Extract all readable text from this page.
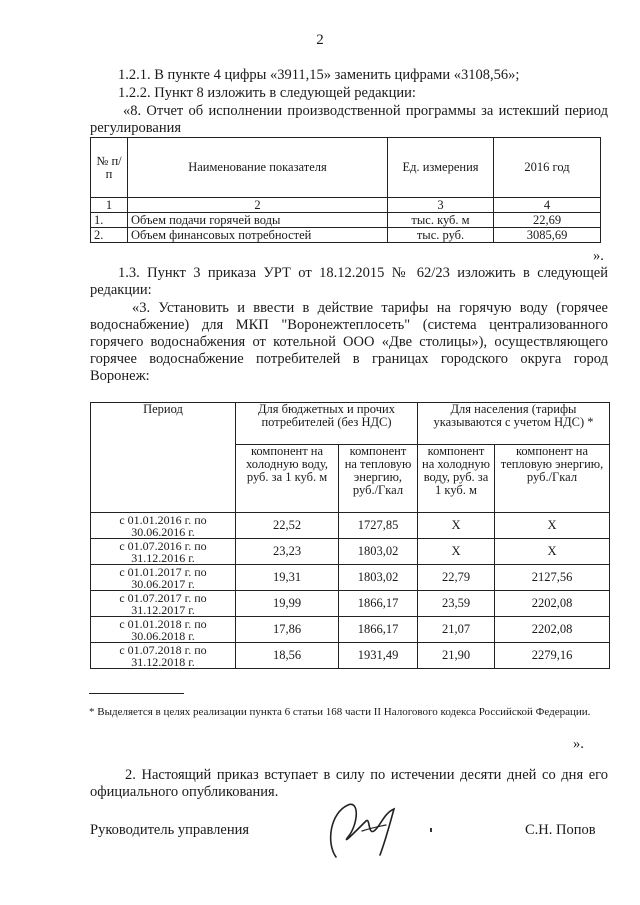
2
1.2.1. В пункте 4 цифры «3911,15» заменить цифрами «3108,56»;
1.2.2. Пункт 8 изложить в следующей редакции:
«8. Отчет об исполнении производственной программы за истекший период
регулирования
№ п/п	Наименование показателя	Ед. измерения	2016 год
1	2	3	4
1.	Объем подачи горячей воды	тыс. куб. м	22,69
2.	Объем финансовых потребностей	тыс. руб.	3085,69
».
1.3. Пункт 3 приказа УРТ от 18.12.2015 № 62/23 изложить в следующей
редакции:
«3. Установить и ввести в действие тарифы на горячую воду (горячее
водоснабжение) для МКП "Воронежтеплосеть" (система централизованного
горячего водоснабжения от котельной ООО «Две столицы»), осуществляющего
горячее водоснабжение потребителей в границах городского округа город
Воронеж:
Период	Для бюджетных и прочих потребителей (без НДС)		Для населения (тарифы указываются с учетом НДС) *	
	компонент на холодную воду, руб. за 1 куб. м	компонент на тепловую энергию, руб./Гкал	компонент на холодную воду, руб. за 1 куб. м	компонент на тепловую энергию, руб./Гкал
с 01.01.2016 г. по 30.06.2016 г.	22,52	1727,85	Х	Х
с 01.07.2016 г. по 31.12.2016 г.	23,23	1803,02	Х	Х
с 01.01.2017 г. по 30.06.2017 г.	19,31	1803,02	22,79	2127,56
с 01.07.2017 г. по 31.12.2017 г.	19,99	1866,17	23,59	2202,08
с 01.01.2018 г. по 30.06.2018 г.	17,86	1866,17	21,07	2202,08
с 01.07.2018 г. по 31.12.2018 г.	18,56	1931,49	21,90	2279,16
* Выделяется в целях реализации пункта 6 статьи 168 части II Налогового кодекса Российской Федерации.
».
2. Настоящий приказ вступает в силу по истечении десяти дней со дня его
официального опубликования.
Руководитель управления	С.Н. Попов
